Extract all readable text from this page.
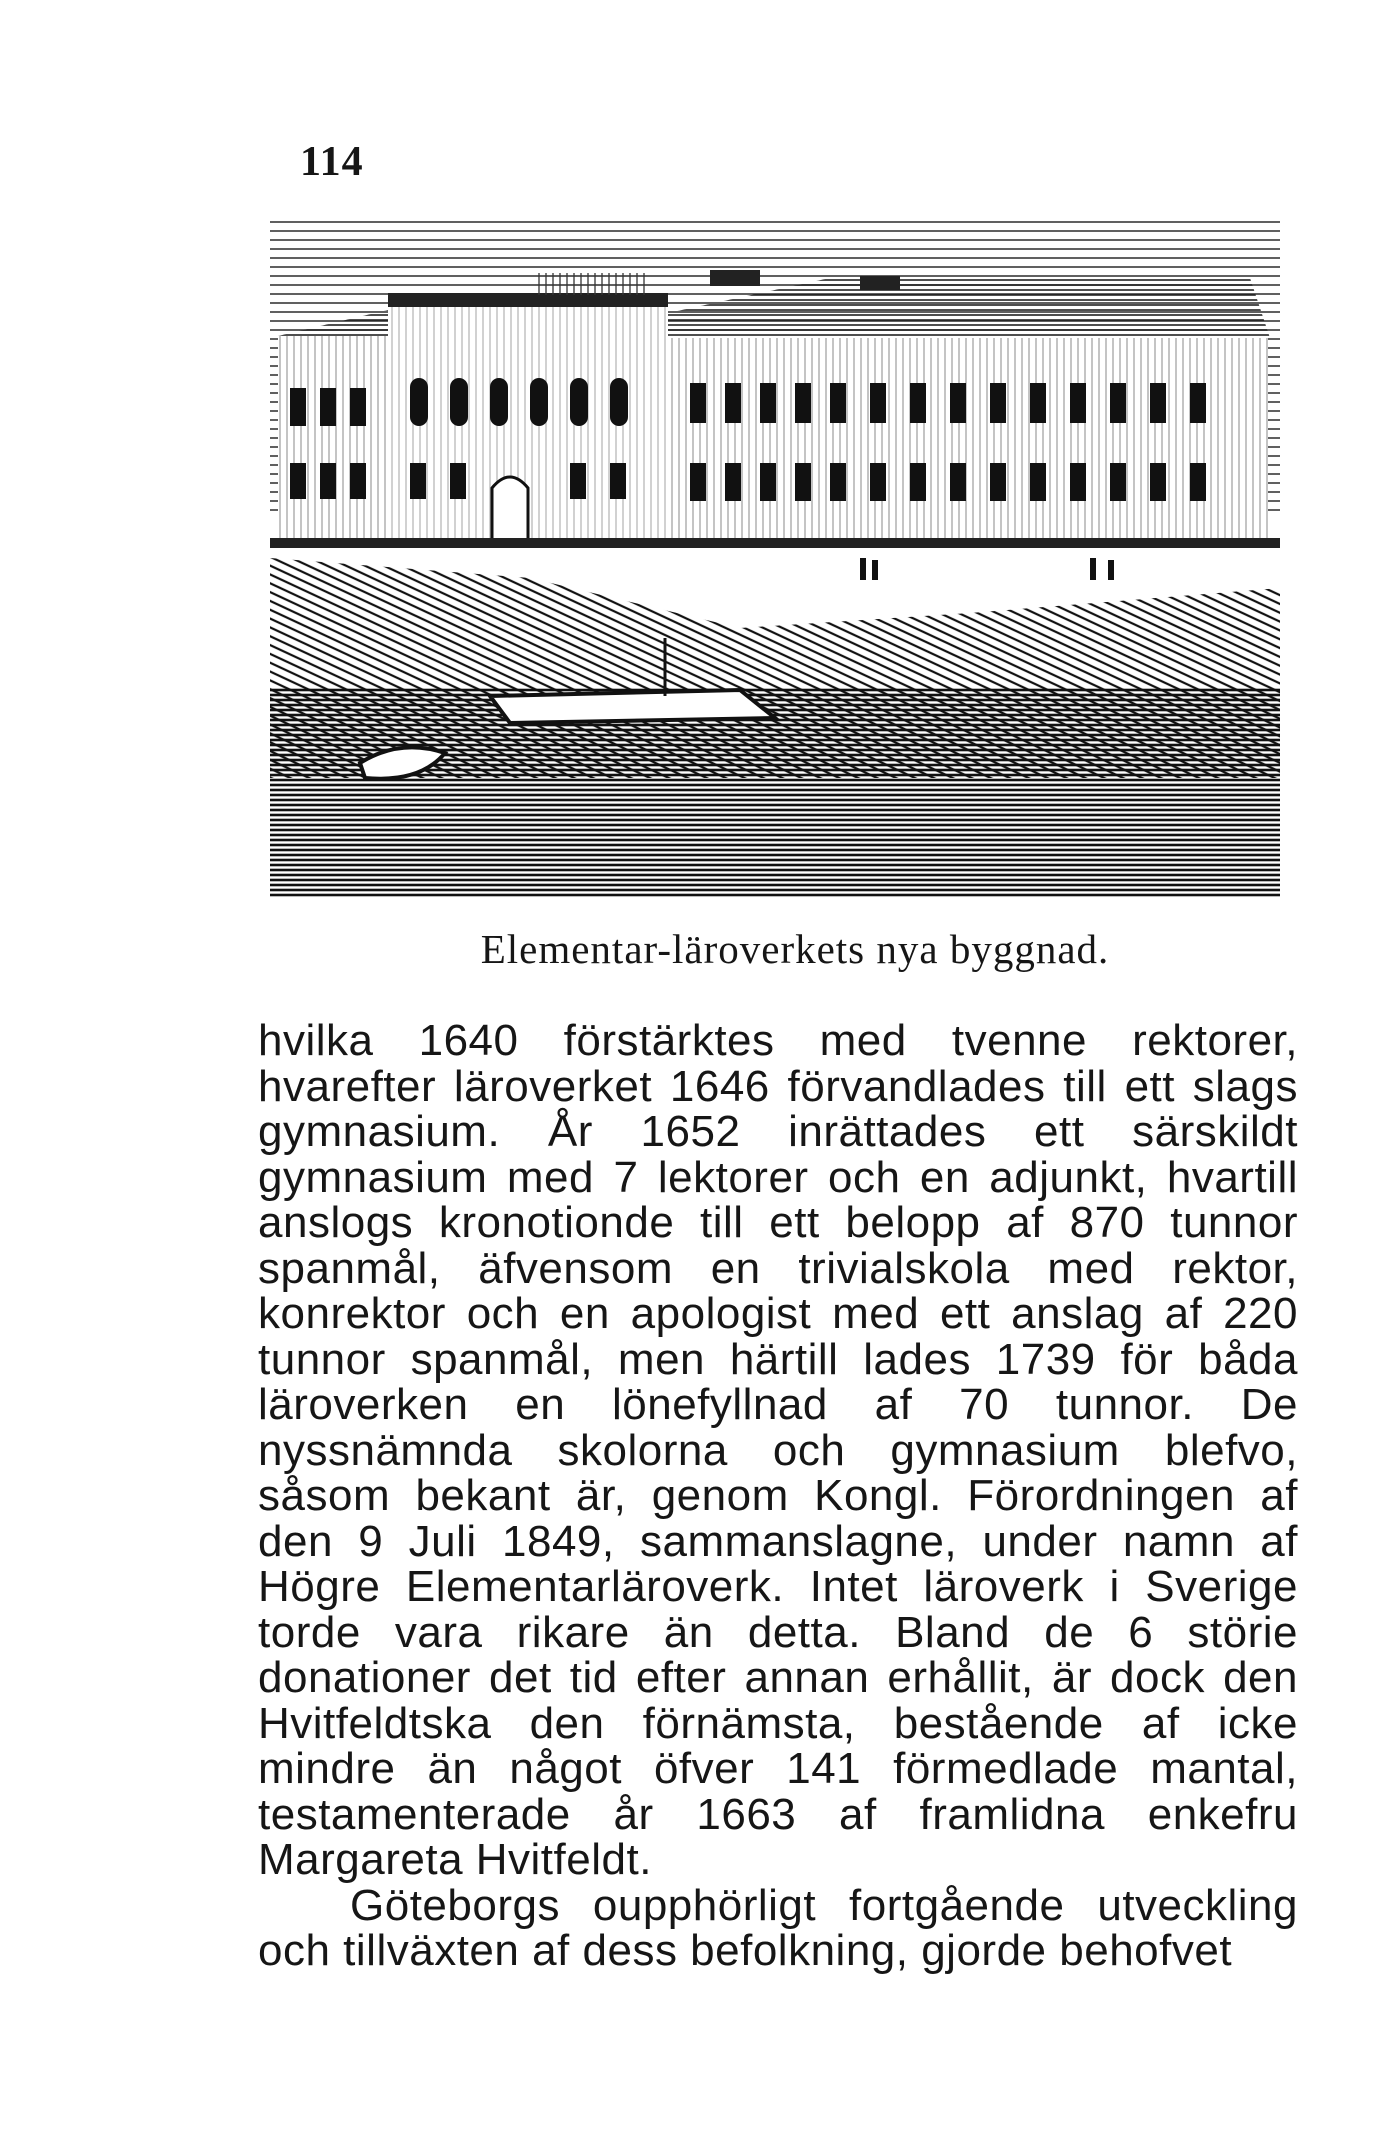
114
Elementar-läroverkets nya byggnad.

hvilka 1640 förstärktes med tvenne rektorer, hvarefter läroverket 1646 förvandlades till ett slags gymnasium. År 1652 inrättades ett särskildt gymnasium med 7 lektorer och en adjunkt, hvartill anslogs kronotionde till ett belopp af 870 tunnor spanmål, äfvensom en trivialskola med rektor, konrektor och en apologist med ett anslag af 220 tunnor spanmål, men härtill lades 1739 för båda läroverken en lönefyllnad af 70 tunnor. De nyssnämnda skolorna och gymnasium blefvo, såsom bekant är, genom Kongl. Förordningen af den 9 Juli 1849, sammanslagne, under namn af Högre Elementarläroverk. Intet läroverk i Sverige torde vara rikare än detta. Bland de 6 störie donationer det tid efter annan erhållit, är dock den Hvitfeldtska den förnämsta, bestående af icke mindre än något öfver 141 förmedlade mantal, testamenterade år 1663 af framlidna enkefru Margareta Hvitfeldt.

Göteborgs oupphörligt fortgående utveckling och tillväxten af dess befolkning, gjorde behofvet
